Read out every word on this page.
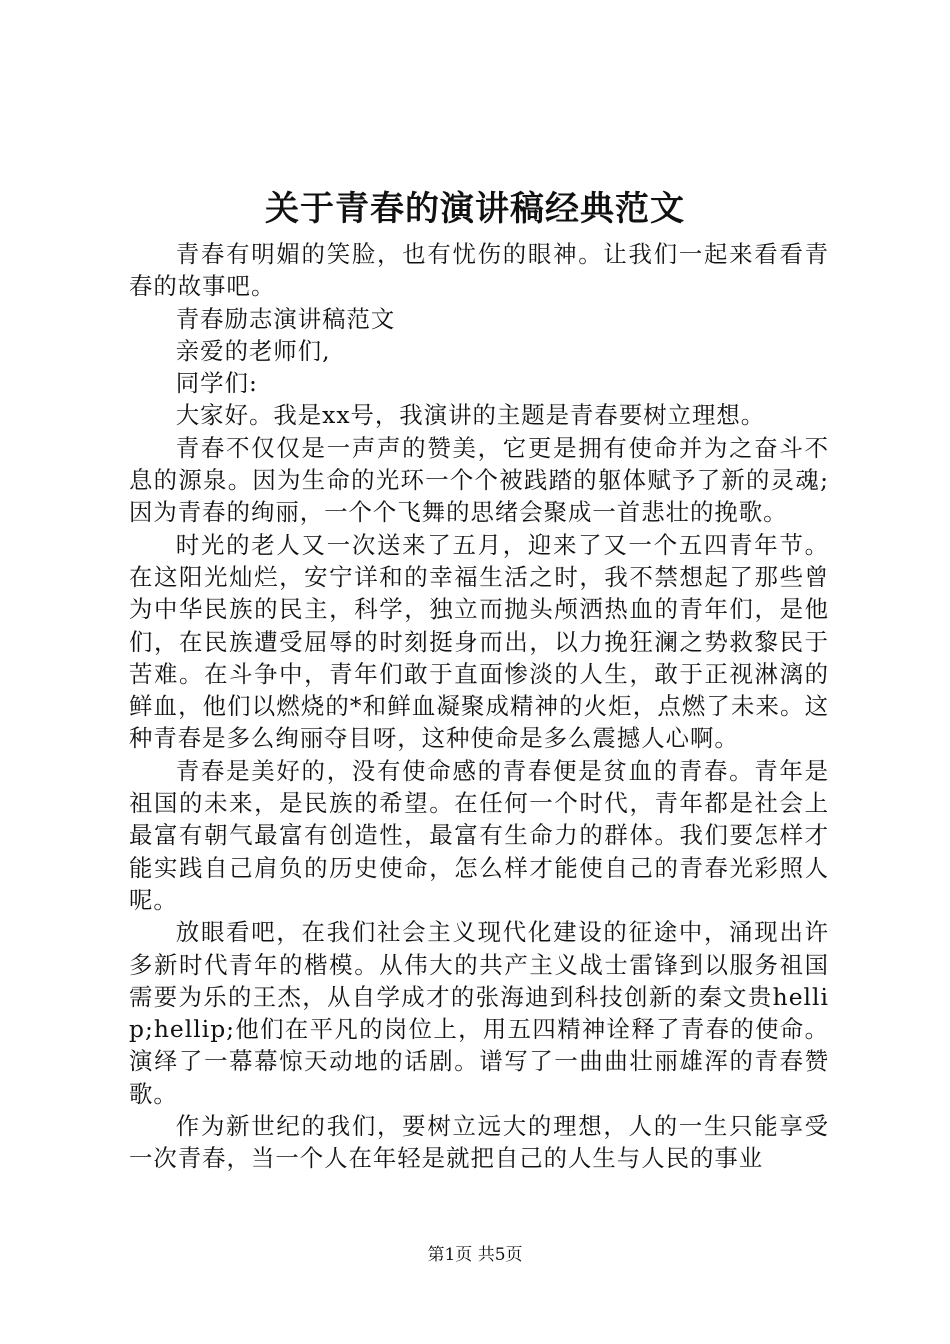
关于青春的演讲稿经典范文

青春有明媚的笑脸，也有忧伤的眼神。让我们一起来看看青春的故事吧。

青春励志演讲稿范文

亲爱的老师们,

同学们:

大家好。我是xx号，我演讲的主题是青春要树立理想。

青春不仅仅是一声声的赞美，它更是拥有使命并为之奋斗不息的源泉。因为生命的光环一个个被践踏的躯体赋予了新的灵魂;因为青春的绚丽，一个个飞舞的思绪会聚成一首悲壮的挽歌。

时光的老人又一次送来了五月，迎来了又一个五四青年节。在这阳光灿烂，安宁详和的幸福生活之时，我不禁想起了那些曾为中华民族的民主，科学，独立而抛头颅洒热血的青年们，是他们，在民族遭受屈辱的时刻挺身而出，以力挽狂澜之势救黎民于苦难。在斗争中，青年们敢于直面惨淡的人生，敢于正视淋漓的鲜血，他们以燃烧的*和鲜血凝聚成精神的火炬，点燃了未来。这种青春是多么绚丽夺目呀，这种使命是多么震撼人心啊。

青春是美好的，没有使命感的青春便是贫血的青春。青年是祖国的未来，是民族的希望。在任何一个时代，青年都是社会上最富有朝气最富有创造性，最富有生命力的群体。我们要怎样才能实践自己肩负的历史使命，怎么样才能使自己的青春光彩照人呢。

放眼看吧，在我们社会主义现代化建设的征途中，涌现出许多新时代青年的楷模。从伟大的共产主义战士雷锋到以服务祖国需要为乐的王杰，从自学成才的张海迪到科技创新的秦文贵hellip;hellip;他们在平凡的岗位上，用五四精神诠释了青春的使命。演绎了一幕幕惊天动地的话剧。谱写了一曲曲壮丽雄浑的青春赞歌。

作为新世纪的我们，要树立远大的理想，人的一生只能享受一次青春，当一个人在年轻是就把自己的人生与人民的事业

第1页 共5页
